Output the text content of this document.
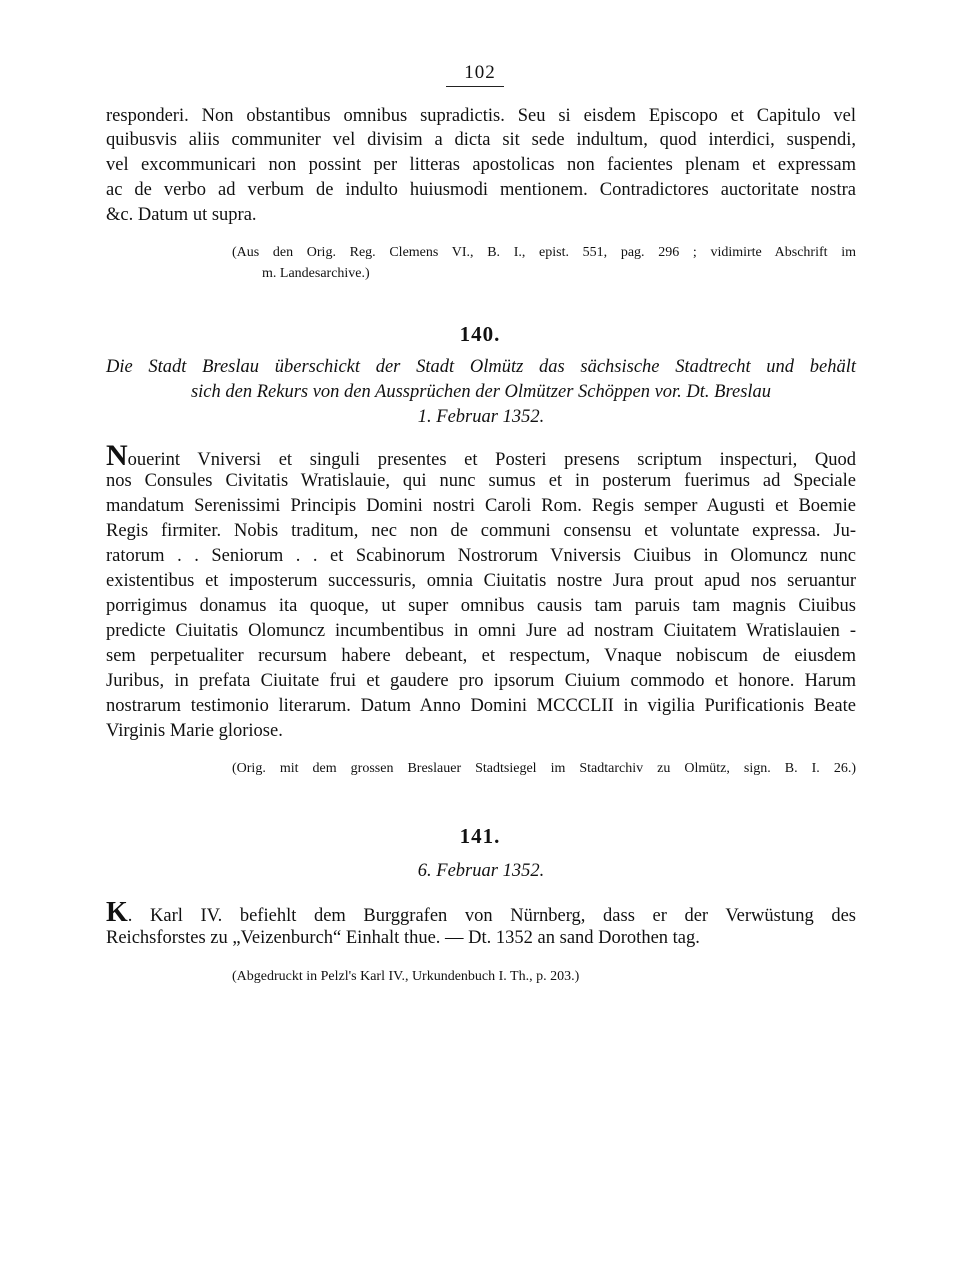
102
responderi. Non obstantibus omnibus supradictis. Seu si eisdem Episcopo et Capitulo vel
quibusvis aliis communiter vel divisim a dicta sit sede indultum, quod interdici, suspendi,
vel excommunicari non possint per litteras apostolicas non facientes plenam et expressam
ac de verbo ad verbum de indulto huiusmodi mentionem. Contradictores auctoritate nostra
&c. Datum ut supra.
(Aus den Orig. Reg. Clemens VI., B. I., epist. 551, pag. 296 ; vidimirte Abschrift im
m. Landesarchive.)
140.
Die Stadt Breslau überschickt der Stadt Olmütz das sächsische Stadtrecht und behält
sich den Rekurs von den Aussprüchen der Olmützer Schöppen vor. Dt. Breslau
1. Februar 1352.
Nouerint Vniversi et singuli presentes et Posteri presens scriptum inspecturi, Quod
nos Consules Civitatis Wratislauie, qui nunc sumus et in posterum fuerimus ad Speciale
mandatum Serenissimi Principis Domini nostri Caroli Rom. Regis semper Augusti et Boemie
Regis firmiter. Nobis traditum, nec non de communi consensu et voluntate expressa. Ju-
ratorum . . Seniorum . . et Scabinorum Nostrorum Vniversis Ciuibus in Olomuncz nunc
existentibus et imposterum successuris, omnia Ciuitatis nostre Jura prout apud nos seruantur
porrigimus donamus ita quoque, ut super omnibus causis tam paruis tam magnis Ciuibus
predicte Ciuitatis Olomuncz incumbentibus in omni Jure ad nostram Ciuitatem Wratislauien -
sem perpetualiter recursum habere debeant, et respectum, Vnaque nobiscum de eiusdem
Juribus, in prefata Ciuitate frui et gaudere pro ipsorum Ciuium commodo et honore. Harum
nostrarum testimonio literarum. Datum Anno Domini MCCCLII in vigilia Purificationis Beate
Virginis Marie gloriose.
(Orig. mit dem grossen Breslauer Stadtsiegel im Stadtarchiv zu Olmütz, sign. B. I. 26.)
141.
6. Februar 1352.
K. Karl IV. befiehlt dem Burggrafen von Nürnberg, dass er der Verwüstung des
Reichsforstes zu „Veizenburch“ Einhalt thue. — Dt. 1352 an sand Dorothen tag.
(Abgedruckt in Pelzl's Karl IV., Urkundenbuch I. Th., p. 203.)
